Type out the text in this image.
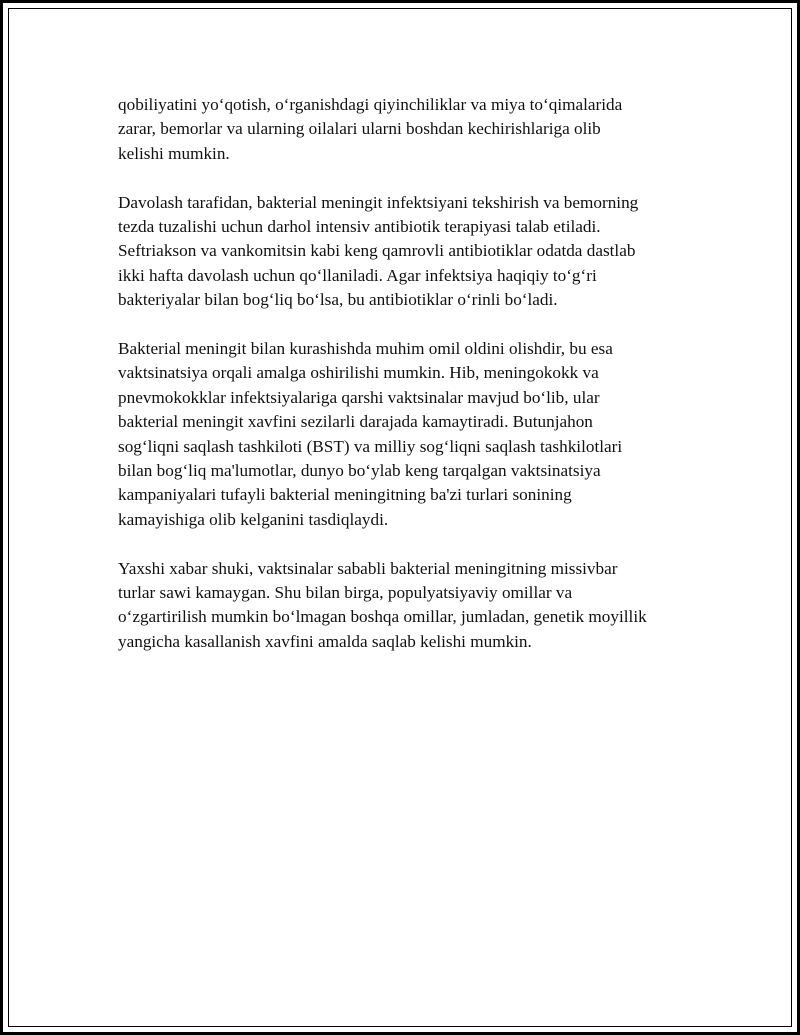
qobiliyatini yo‘qotish, o‘rganishdagi qiyinchiliklar va miya to‘qimalarida
zarar, bemorlar va ularning oilalari ularni boshdan kechirishlariga olib
kelishi mumkin.

Davolash tarafidan, bakterial meningit infektsiyani tekshirish va bemorning
tezda tuzalishi uchun darhol intensiv antibiotik terapiyasi talab etiladi.
Seftriakson va vankomitsin kabi keng qamrovli antibiotiklar odatda dastlab
ikki hafta davolash uchun qo‘llaniladi. Agar infektsiya haqiqiy to‘g‘ri
bakteriyalar bilan bog‘liq bo‘lsa, bu antibiotiklar o‘rinli bo‘ladi.

Bakterial meningit bilan kurashishda muhim omil oldini olishdir, bu esa
vaktsinatsiya orqali amalga oshirilishi mumkin. Hib, meningokokk va
pnevmokokklar infektsiyalariga qarshi vaktsinalar mavjud bo‘lib, ular
bakterial meningit xavfini sezilarli darajada kamaytiradi. Butunjahon
sog‘liqni saqlash tashkiloti (BST) va milliy sog‘liqni saqlash tashkilotlari
bilan bog‘liq ma'lumotlar, dunyo bo‘ylab keng tarqalgan vaktsinatsiya
kampaniyalari tufayli bakterial meningitning ba'zi turlari sonining
kamayishiga olib kelganini tasdiqlaydi.

Yaxshi xabar shuki, vaktsinalar sababli bakterial meningitning missivbar
turlar sawi kamaygan. Shu bilan birga, populyatsiyaviy omillar va
o‘zgartirilish mumkin bo‘lmagan boshqa omillar, jumladan, genetik moyillik
yangicha kasallanish xavfini amalda saqlab kelishi mumkin.
